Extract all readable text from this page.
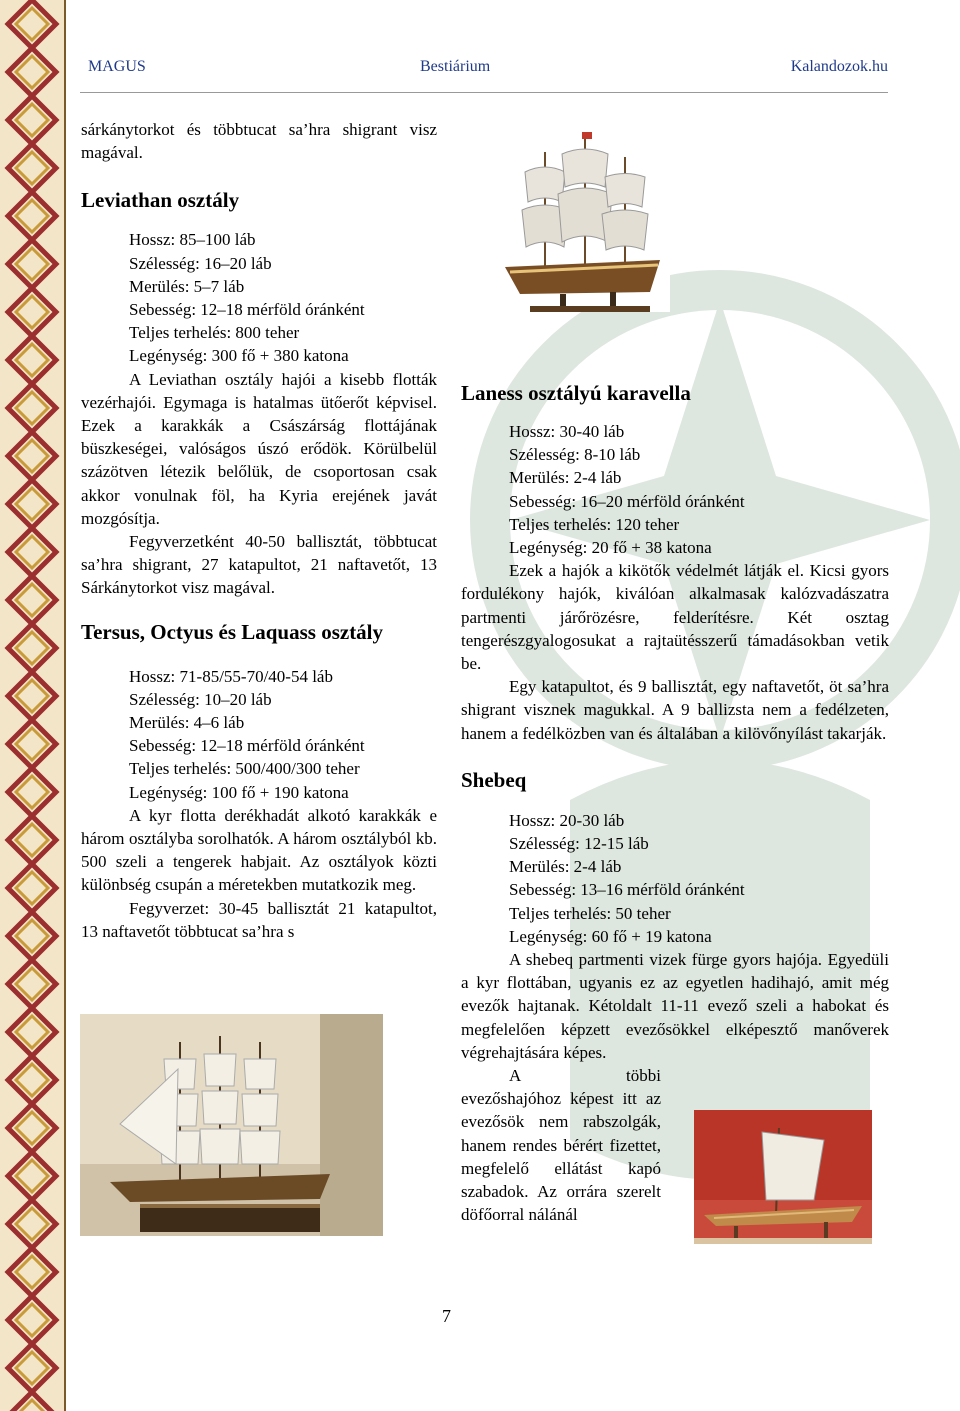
MAGUS	Bestiárium	Kalandozok.hu

sárkánytorkot és többtucat sa’hra shigrant visz magával.

Leviathan osztály
Hossz: 85–100 láb
Szélesség: 16–20 láb
Merülés: 5–7 láb
Sebesség: 12–18 mérföld óránként
Teljes terhelés: 800 teher
Legénység: 300 fő + 380 katona

A Leviathan osztály hajói a kisebb flották vezérhajói. Egymaga is hatalmas ütőerőt képvisel. Ezek a karakkák a Császárság flottájának büszkeségei, valóságos úszó erődök. Körülbelül százötven létezik belőlük, de csoportosan csak akkor vonulnak föl, ha Kyria erejének javát mozgósítja.

Fegyverzetként 40-50 ballisztát, többtucat sa’hra shigrant, 27 katapultot, 21 naftavetőt, 13 Sárkánytorkot visz magával.

Tersus, Octyus és Laquass osztály
Hossz: 71-85/55-70/40-54 láb
Szélesség: 10–20 láb
Merülés: 4–6 láb
Sebesség: 12–18 mérföld óránként
Teljes terhelés: 500/400/300 teher
Legénység: 100 fő + 190 katona

A kyr flotta derékhadát alkotó karakkák e három osztályba sorolhatók. A három osztályból kb. 500 szeli a tengerek habjait. Az osztályok közti különbség csupán a méretekben mutatkozik meg.

Fegyverzet: 30-45 ballisztát 21 katapultot, 13 naftavetőt többtucat sa’hra s

Laness osztályú karavella
Hossz: 30-40 láb
Szélesség: 8-10 láb
Merülés: 2-4 láb
Sebesség: 16–20 mérföld óránként
Teljes terhelés: 120 teher
Legénység: 20 fő + 38 katona

Ezek a hajók a kikötők védelmét látják el. Kicsi gyors fordulékony hajók, kiválóan alkalmasak kalózvadászatra partmenti járőrözésre, felderítésre. Két osztag tengerészgyalogosukat a rajtaütésszerű támadásokban vetik be.

Egy katapultot, és 9 ballisztát, egy naftavetőt, öt sa’hra shigrant visznek magukkal. A 9 ballizsta nem a fedélzeten, hanem a fedélközben van és általában a kilövőnyílást takarják.

Shebeq
Hossz: 20-30 láb
Szélesség: 12-15 láb
Merülés: 2-4 láb
Sebesség: 13–16 mérföld óránként
Teljes terhelés: 50 teher
Legénység: 60 fő + 19 katona

A shebeq partmenti vizek fürge gyors hajója. Egyedüli a kyr flottában, ugyanis ez az egyetlen hadihajó, amit még evezők hajtanak. Kétoldalt 11-11 evező szeli a habokat és megfelelően képzett evezősökkel elképesztő manőverek végrehajtására képes.

A többi evezőshajóhoz képest itt az evezősök nem rabszolgák, hanem rendes bérért fizettet, megfelelő ellátást kapó szabadok. Az orrára szerelt döfőorral nálánál

7
